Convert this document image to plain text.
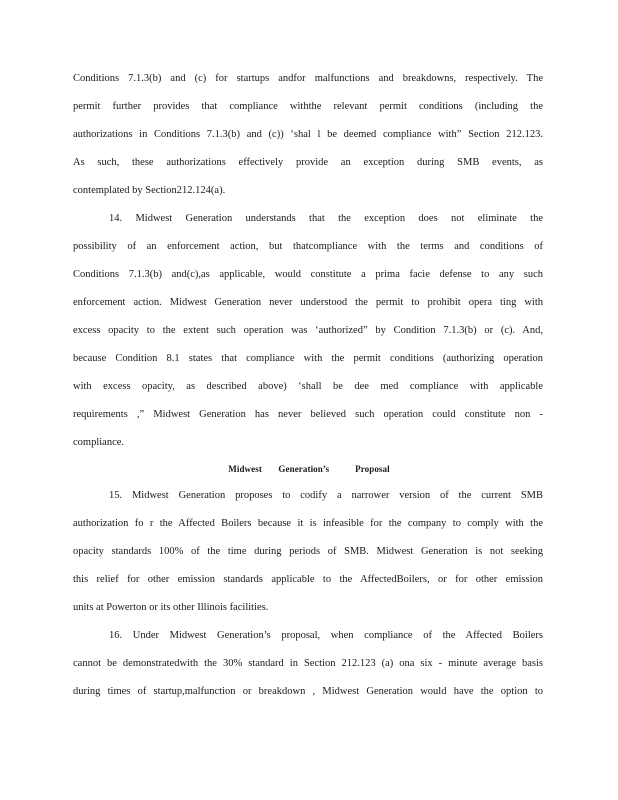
Conditions 7.1.3(b) and (c) for startups andfor malfunctions and breakdowns, respectively. The
permit further provides that compliance withthe relevant permit conditions (including the
authorizations in Conditions 7.1.3(b) and (c)) ‘shal l be deemed compliance with” Section 212.123.
As such, these authorizations effectively provide an exception during SMB events, as
contemplated by Section212.124(a).
14. Midwest Generation understands that the exception does not eliminate the
possibility of an enforcement action, but thatcompliance with the terms and conditions of
Conditions 7.1.3(b) and(c),as applicable, would constitute a prima facie defense to any such
enforcement action. Midwest Generation never understood the permit to prohibit opera ting with
excess opacity to the extent such operation was ‘authorized” by Condition 7.1.3(b) or (c). And,
because Condition 8.1 states that compliance with the permit conditions (authorizing operation
with excess opacity, as described above) ‘shall be dee med compliance with applicable
requirements ,” Midwest Generation has never believed such operation could constitute non -
compliance.
Midwest       Generation’s           Proposal
15. Midwest Generation proposes to codify a narrower version of the current SMB
authorization fo r the Affected Boilers because it is infeasible for the company to comply with the
opacity standards 100% of the time during periods of SMB. Midwest Generation is not seeking
this relief for other emission standards applicable to the AffectedBoilers, or for other emission
units at Powerton or its other Illinois facilities.
16. Under Midwest Generation’s proposal, when compliance of the Affected Boilers
cannot be demonstratedwith the 30% standard in Section 212.123 (a) ona six - minute average basis
during times of startup,malfunction or breakdown , Midwest Generation would have the option to
